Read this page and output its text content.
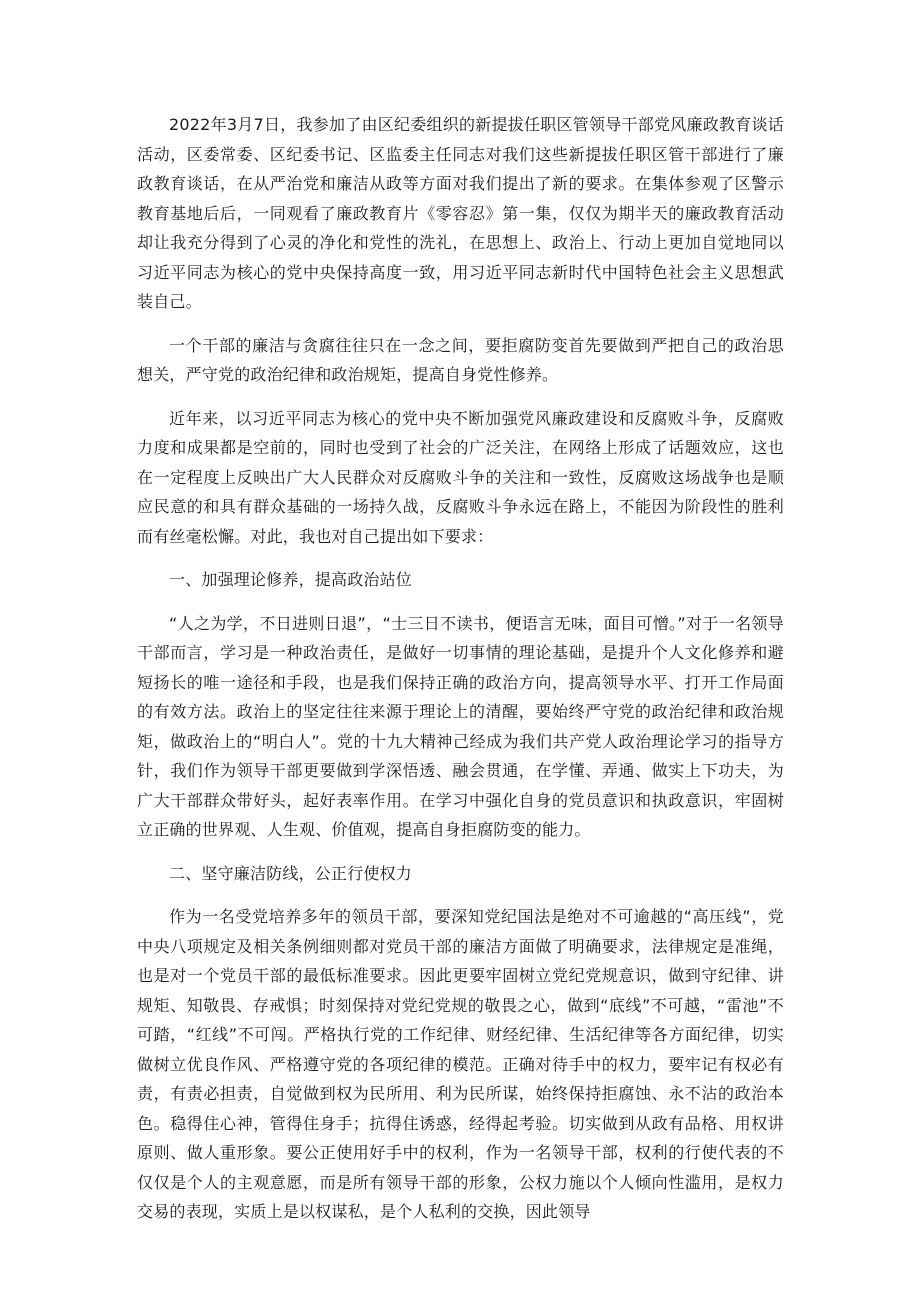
2022年3月7日，我参加了由区纪委组织的新提拔任职区管领导干部党风廉政教育谈话活动，区委常委、区纪委书记、区监委主任同志对我们这些新提拔任职区管干部进行了廉政教育谈话，在从严治党和廉洁从政等方面对我们提出了新的要求。在集体参观了区警示教育基地后后，一同观看了廉政教育片《零容忍》第一集，仅仅为期半天的廉政教育活动却让我充分得到了心灵的净化和党性的洗礼，在思想上、政治上、行动上更加自觉地同以习近平同志为核心的党中央保持高度一致，用习近平同志新时代中国特色社会主义思想武装自己。

一个干部的廉洁与贪腐往往只在一念之间，要拒腐防变首先要做到严把自己的政治思想关，严守党的政治纪律和政治规矩，提高自身党性修养。

近年来，以习近平同志为核心的党中央不断加强党风廉政建设和反腐败斗争，反腐败力度和成果都是空前的，同时也受到了社会的广泛关注，在网络上形成了话题效应，这也在一定程度上反映出广大人民群众对反腐败斗争的关注和一致性，反腐败这场战争也是顺应民意的和具有群众基础的一场持久战，反腐败斗争永远在路上，不能因为阶段性的胜利而有丝毫松懈。对此，我也对自己提出如下要求：

一、加强理论修养，提高政治站位

“人之为学，不日进则日退”，“士三日不读书，便语言无味，面目可憎。”对于一名领导干部而言，学习是一种政治责任，是做好一切事情的理论基础，是提升个人文化修养和避短扬长的唯一途径和手段，也是我们保持正确的政治方向，提高领导水平、打开工作局面的有效方法。政治上的坚定往往来源于理论上的清醒，要始终严守党的政治纪律和政治规矩，做政治上的“明白人”。党的十九大精神己经成为我们共产党人政治理论学习的指导方针，我们作为领导干部更要做到学深悟透、融会贯通，在学懂、弄通、做实上下功夫，为广大干部群众带好头，起好表率作用。在学习中强化自身的党员意识和执政意识，牢固树立正确的世界观、人生观、价值观，提高自身拒腐防变的能力。

二、坚守廉洁防线，公正行使权力

作为一名受党培养多年的领员干部，要深知党纪国法是绝对不可逾越的“高压线”，党中央八项规定及相关条例细则都对党员干部的廉洁方面做了明确要求，法律规定是准绳，也是对一个党员干部的最低标准要求。因此更要牢固树立党纪党规意识，做到守纪律、讲规矩、知敬畏、存戒惧；时刻保持对党纪党规的敬畏之心，做到“底线”不可越，“雷池”不可踏，“红线”不可闯。严格执行党的工作纪律、财经纪律、生活纪律等各方面纪律，切实做树立优良作风、严格遵守党的各项纪律的模范。正确对待手中的权力，要牢记有权必有责，有责必担责，自觉做到权为民所用、利为民所谋，始终保持拒腐蚀、永不沾的政治本色。稳得住心神，管得住身手；抗得住诱惑，经得起考验。切实做到从政有品格、用权讲原则、做人重形象。要公正使用好手中的权利，作为一名领导干部，权利的行使代表的不仅仅是个人的主观意愿，而是所有领导干部的形象，公权力施以个人倾向性滥用，是权力交易的表现，实质上是以权谋私，是个人私利的交换，因此领导
